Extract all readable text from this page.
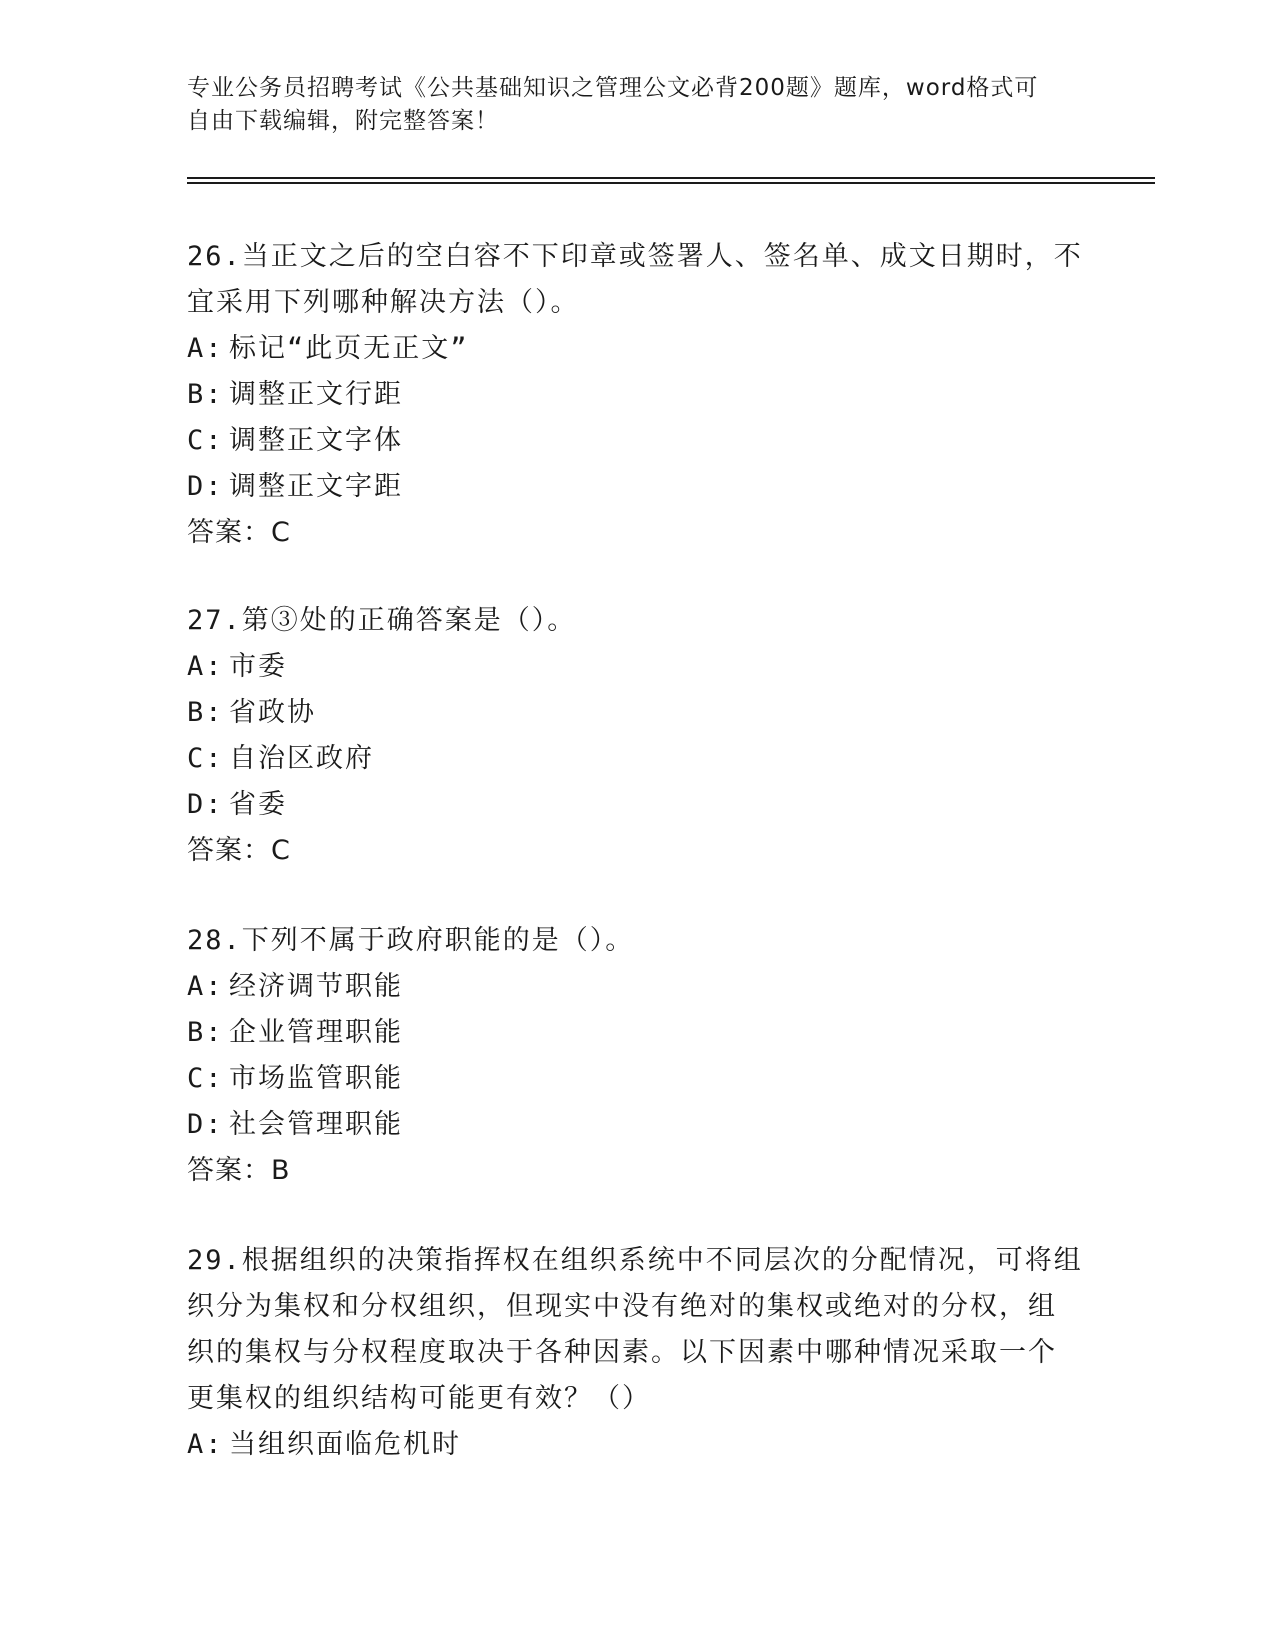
专业公务员招聘考试《公共基础知识之管理公文必背200题》题库，word格式可
自由下载编辑，附完整答案！

26.当正文之后的空白容不下印章或签署人、签名单、成文日期时，不

宜采用下列哪种解决方法（）。

A: 标记“此页无正文”

B: 调整正文行距

C: 调整正文字体

D: 调整正文字距

答案：C

27.第③处的正确答案是（）。

A: 市委

B: 省政协

C: 自治区政府

D: 省委

答案：C

28.下列不属于政府职能的是（）。

A: 经济调节职能

B: 企业管理职能

C: 市场监管职能

D: 社会管理职能

答案：B

29.根据组织的决策指挥权在组织系统中不同层次的分配情况，可将组

织分为集权和分权组织，但现实中没有绝对的集权或绝对的分权，组

织的集权与分权程度取决于各种因素。以下因素中哪种情况采取一个

更集权的组织结构可能更有效？（）

A: 当组织面临危机时
